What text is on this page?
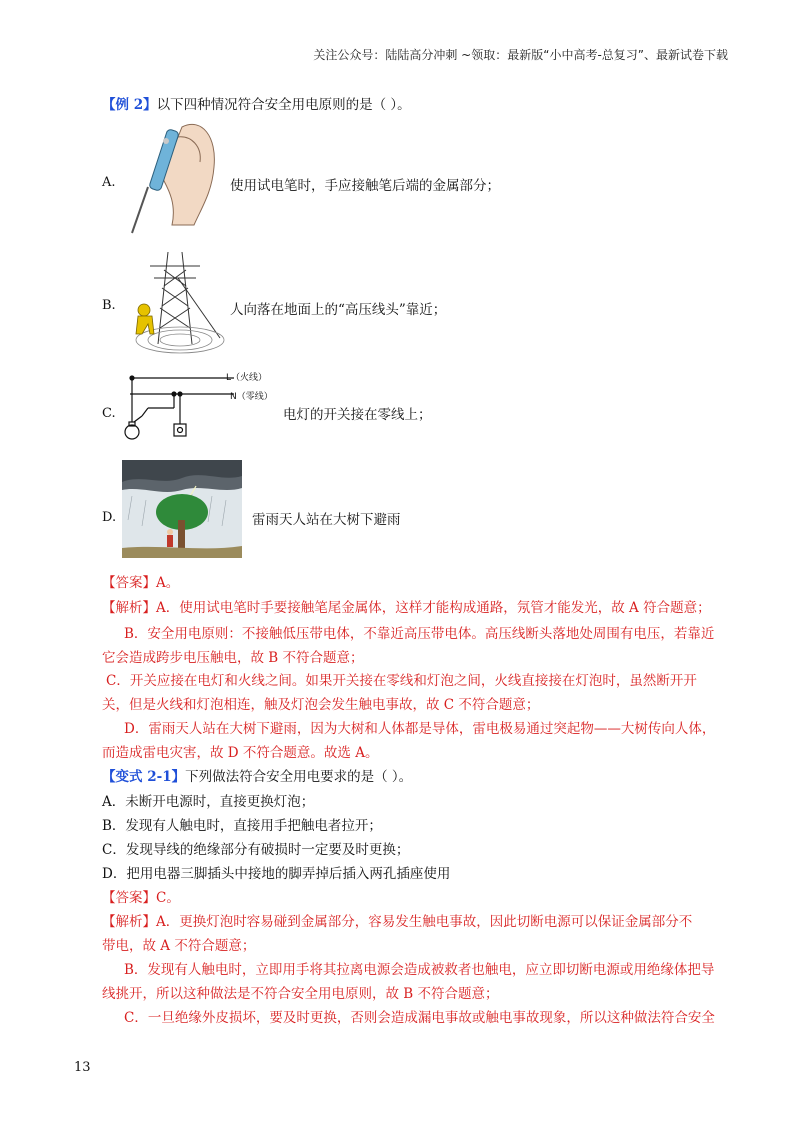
关注公众号：陆陆高分冲刺 ~领取：最新版“小中高考-总复习”、最新试卷下载
【例 2】以下四种情况符合安全用电原则的是（ ）。
A.	使用试电笔时，手应接触笔后端的金属部分；
B.	人向落在地面上的“高压线头”靠近；
C.
L（火线）
N（零线）
电灯的开关接在零线上；
D.	雷雨天人站在大树下避雨
【答案】A。
【解析】A．使用试电笔时手要接触笔尾金属体，这样才能构成通路，氖管才能发光，故 A 符合题意；
B．安全用电原则：不接触低压带电体，不靠近高压带电体。高压线断头落地处周围有电压，若靠近
它会造成跨步电压触电，故 B 不符合题意；
C．开关应接在电灯和火线之间。如果开关接在零线和灯泡之间，火线直接接在灯泡时，虽然断开开
关，但是火线和灯泡相连，触及灯泡会发生触电事故，故 C 不符合题意；
D．雷雨天人站在大树下避雨，因为大树和人体都是导体，雷电极易通过突起物——大树传向人体，
而造成雷电灾害，故 D 不符合题意。故选 A。
【变式 2-1】下列做法符合安全用电要求的是（ ）。
A．未断开电源时，直接更换灯泡；
B．发现有人触电时，直接用手把触电者拉开；
C．发现导线的绝缘部分有破损时一定要及时更换；
D．把用电器三脚插头中接地的脚弄掉后插入两孔插座使用
【答案】C。
【解析】A．更换灯泡时容易碰到金属部分，容易发生触电事故，因此切断电源可以保证金属部分不
带电，故 A 不符合题意；
B．发现有人触电时，立即用手将其拉离电源会造成被救者也触电，应立即切断电源或用绝缘体把导
线挑开，所以这种做法是不符合安全用电原则，故 B 不符合题意；
C．一旦绝缘外皮损坏，要及时更换，否则会造成漏电事故或触电事故现象，所以这种做法符合安全
13
